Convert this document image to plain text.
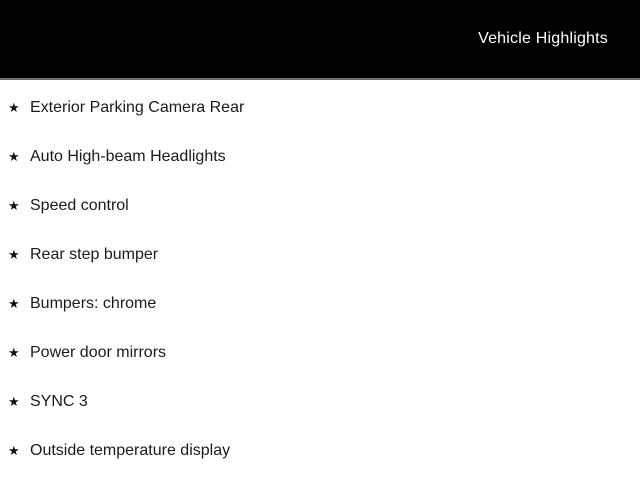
Vehicle Highlights
★ Exterior Parking Camera Rear
★ Auto High-beam Headlights
★ Speed control
★ Rear step bumper
★ Bumpers: chrome
★ Power door mirrors
★ SYNC 3
★ Outside temperature display
